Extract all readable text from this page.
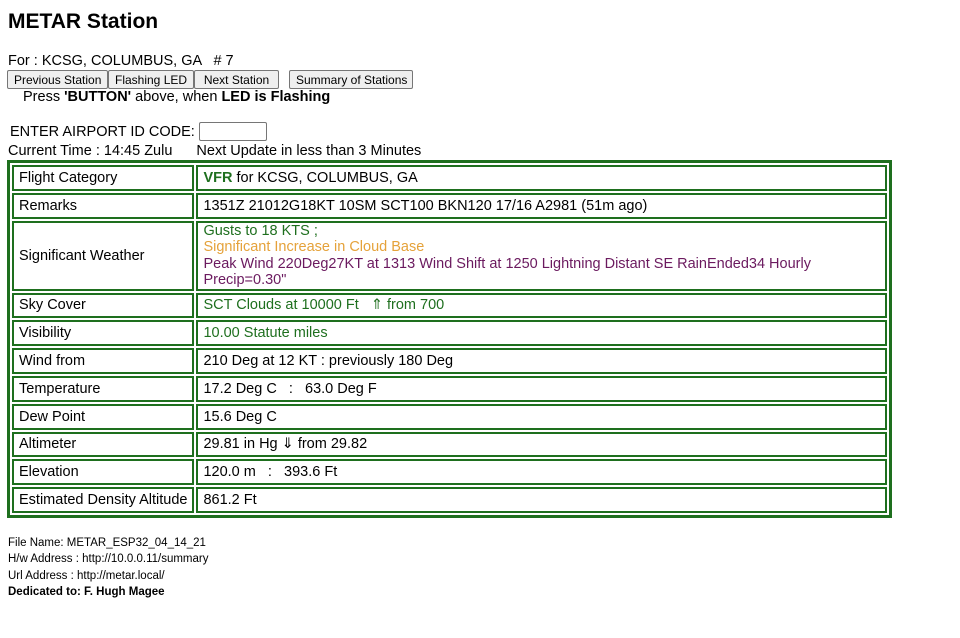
METAR Station
For : KCSG, COLUMBUS, GA   # 7
Previous Station	Flashing LED	Next Station	Summary of Stations
Press 'BUTTON' above, when LED is Flashing
ENTER AIRPORT ID CODE:
Current Time : 14:45 Zulu Next Update in less than 3 Minutes
Flight Category	VFR for KCSG, COLUMBUS, GA
Remarks	1351Z 21012G18KT 10SM SCT100 BKN120 17/16 A2981 (51m ago)
Significant Weather	Gusts to 18 KTS ;
Significant Increase in Cloud Base
Peak Wind 220Deg27KT at 1313 Wind Shift at 1250 Lightning Distant SE RainEnded34 Hourly Precip=0.30"

Sky Cover	SCT Clouds at 10000 Ft   ⇑ from 700
Visibility	10.00 Statute miles
Wind from	210 Deg at 12 KT : previously 180 Deg
Temperature	17.2 Deg C   :   63.0 Deg F
Dew Point	15.6 Deg C
Altimeter	29.81 in Hg ⇓ from 29.82
Elevation	120.0 m   :   393.6 Ft
Estimated Density Altitude	861.2 Ft
File Name: METAR_ESP32_04_14_21
H/w Address : http://10.0.0.11/summary
Url Address : http://metar.local/
Dedicated to: F. Hugh Magee
